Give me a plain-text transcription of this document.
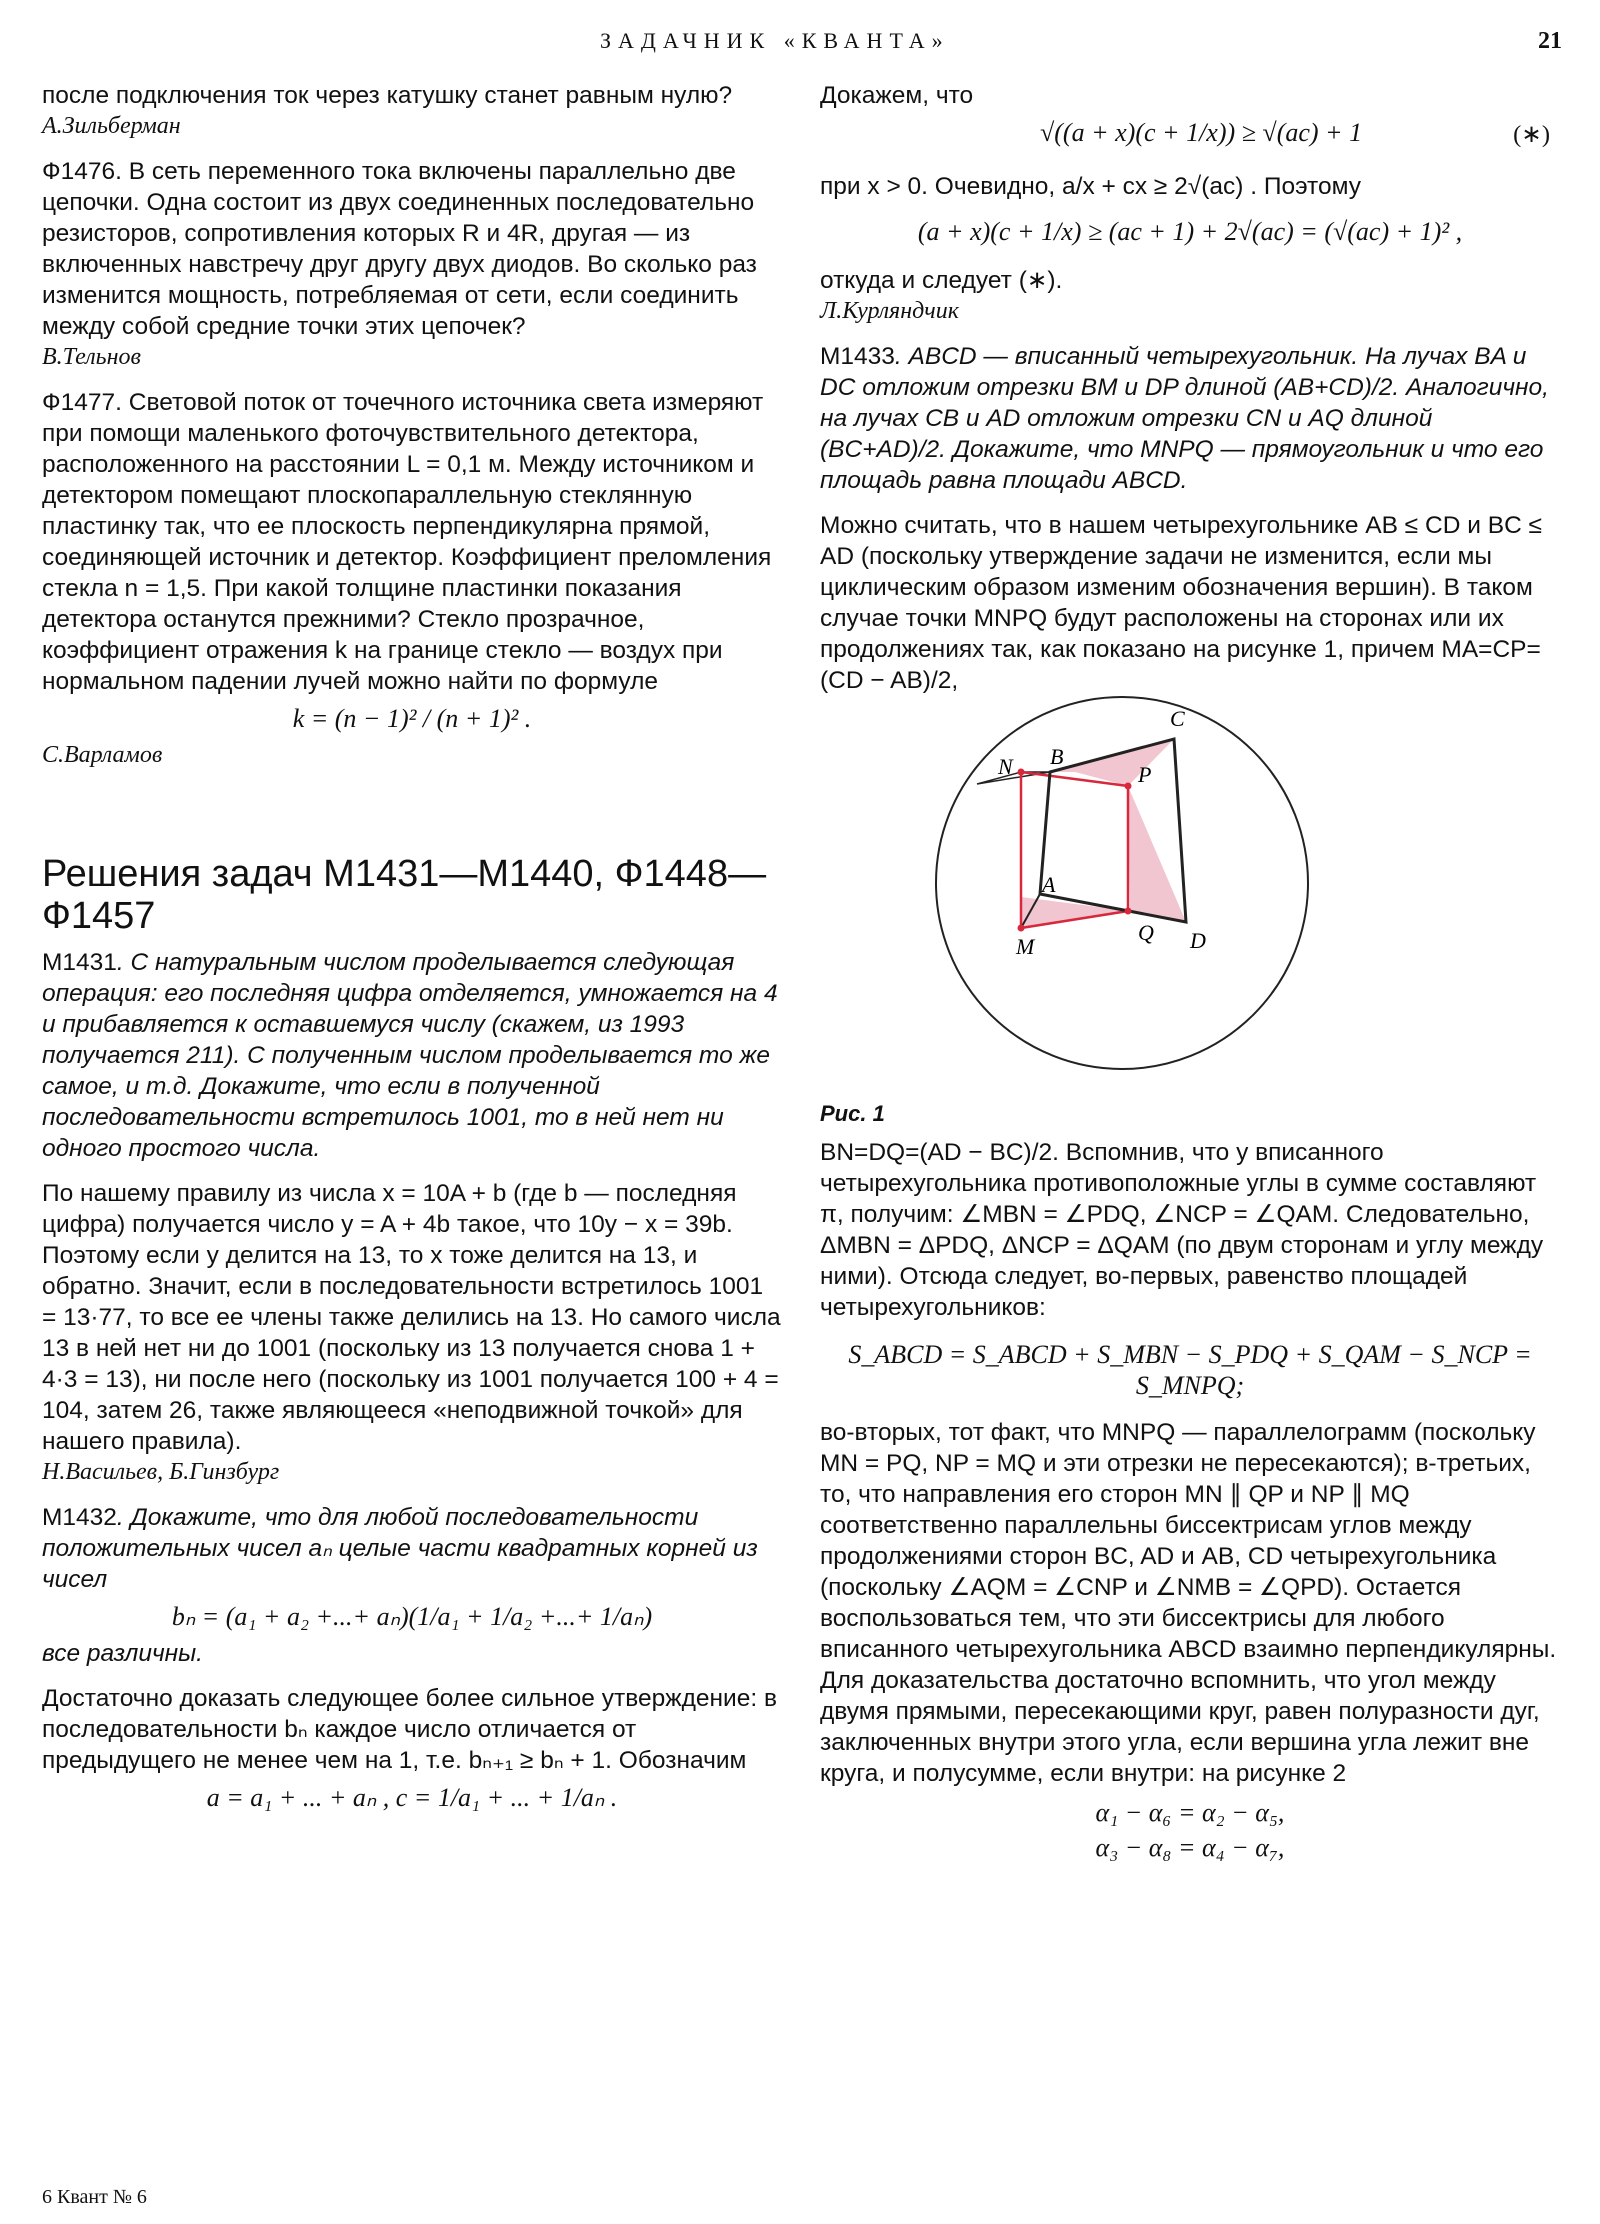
ЗАДАЧНИК «КВАНТА»	21

после подключения ток через катушку станет равным нулю?

А.Зильберман

Ф1476. В сеть переменного тока включены параллельно две цепочки. Одна состоит из двух соединенных последовательно резисторов, сопротивления которых R и 4R, другая — из включенных навстречу друг другу двух диодов. Во сколько раз изменится мощность, потребляемая от сети, если соединить между собой средние точки этих цепочек?

В.Тельнов

Ф1477. Световой поток от точечного источника света измеряют при помощи маленького фоточувствительного детектора, расположенного на расстоянии L = 0,1 м. Между источником и детектором помещают плоскопараллельную стеклянную пластинку так, что ее плоскость перпендикулярна прямой, соединяющей источник и детектор. Коэффициент преломления стекла n = 1,5. При какой толщине пластинки показания детектора останутся прежними? Стекло прозрачное, коэффициент отражения k на границе стекло — воздух при нормальном падении лучей можно найти по формуле

k = (n − 1)² / (n + 1)² .

С.Варламов

Решения задач М1431—М1440, Ф1448—Ф1457

М1431. С натуральным числом проделывается следующая операция: его последняя цифра отделяется, умножается на 4 и прибавляется к оставшемуся числу (скажем, из 1993 получается 211). С полученным числом проделывается то же самое, и т.д. Докажите, что если в полученной последовательности встретилось 1001, то в ней нет ни одного простого числа.

По нашему правилу из числа x = 10A + b (где b — последняя цифра) получается число y = A + 4b такое, что 10y − x = 39b. Поэтому если y делится на 13, то x тоже делится на 13, и обратно. Значит, если в последовательности встретилось 1001 = 13·77, то все ее члены также делились на 13. Но самого числа 13 в ней нет ни до 1001 (поскольку из 13 получается снова 1 + 4·3 = 13), ни после него (поскольку из 1001 получается 100 + 4 = 104, затем 26, также являющееся «неподвижной точкой» для нашего правила).

Н.Васильев, Б.Гинзбург

М1432. Докажите, что для любой последовательности положительных чисел aₙ целые части квадратных корней из чисел

bₙ = (a₁ + a₂ +...+ aₙ)(1/a₁ + 1/a₂ +...+ 1/aₙ)

все различны.

Достаточно доказать следующее более сильное утверждение: в последовательности bₙ каждое число отличается от предыдущего не менее чем на 1, т.е. bₙ₊₁ ≥ bₙ + 1. Обозначим

a = a₁ + ... + aₙ , c = 1/a₁ + ... + 1/aₙ .

Докажем, что

√((a + x)(c + 1/x)) ≥ √(ac) + 1	(∗)

при x > 0. Очевидно, a/x + cx ≥ 2√(ac) . Поэтому

(a + x)(c + 1/x) ≥ (ac + 1) + 2√(ac) = (√(ac) + 1)² ,

откуда и следует (∗).

Л.Курляндчик

М1433. ABCD — вписанный четырехугольник. На лучах BA и DC отложим отрезки BM и DP длиной (AB+CD)/2. Аналогично, на лучах CB и AD отложим отрезки CN и AQ длиной (BC+AD)/2. Докажите, что MNPQ — прямоугольник и что его площадь равна площади ABCD.

Можно считать, что в нашем четырехугольнике AB ≤ CD и BC ≤ AD (поскольку утверждение задачи не изменится, если мы циклическим образом изменим обозначения вершин). В таком случае точки MNPQ будут расположены на сторонах или их продолжениях так, как показано на рисунке 1, причем MA=CP=(CD − AB)/2,

C
B
N	P
A
M
Q D

Рис. 1

BN=DQ=(AD − BC)/2. Вспомнив, что у вписанного четырехугольника противоположные углы в сумме составляют π, получим: ∠MBN = ∠PDQ, ∠NCP = ∠QAM. Следовательно, ΔMBN = ΔPDQ, ΔNCP = ΔQAM (по двум сторонам и углу между ними). Отсюда следует, во-первых, равенство площадей четырехугольников:

S_ABCD = S_ABCD + S_MBN − S_PDQ + S_QAM − S_NCP = S_MNPQ;

во-вторых, тот факт, что MNPQ — параллелограмм (поскольку MN = PQ, NP = MQ и эти отрезки не пересекаются); в-третьих, то, что направления его сторон MN ∥ QP и NP ∥ MQ соответственно параллельны биссектрисам углов между продолжениями сторон BC, AD и AB, CD четырехугольника (поскольку ∠AQM = ∠CNP и ∠NMB = ∠QPD). Остается воспользоваться тем, что эти биссектрисы для любого вписанного четырехугольника ABCD взаимно перпендикулярны. Для доказательства достаточно вспомнить, что угол между двумя прямыми, пересекающими круг, равен полуразности дуг, заключенных внутри этого угла, если вершина угла лежит вне круга, и полусумме, если внутри: на рисунке 2

α₁ − α₆ = α₂ − α₅,

α₃ − α₈ = α₄ − α₇,

6 Квант № 6
